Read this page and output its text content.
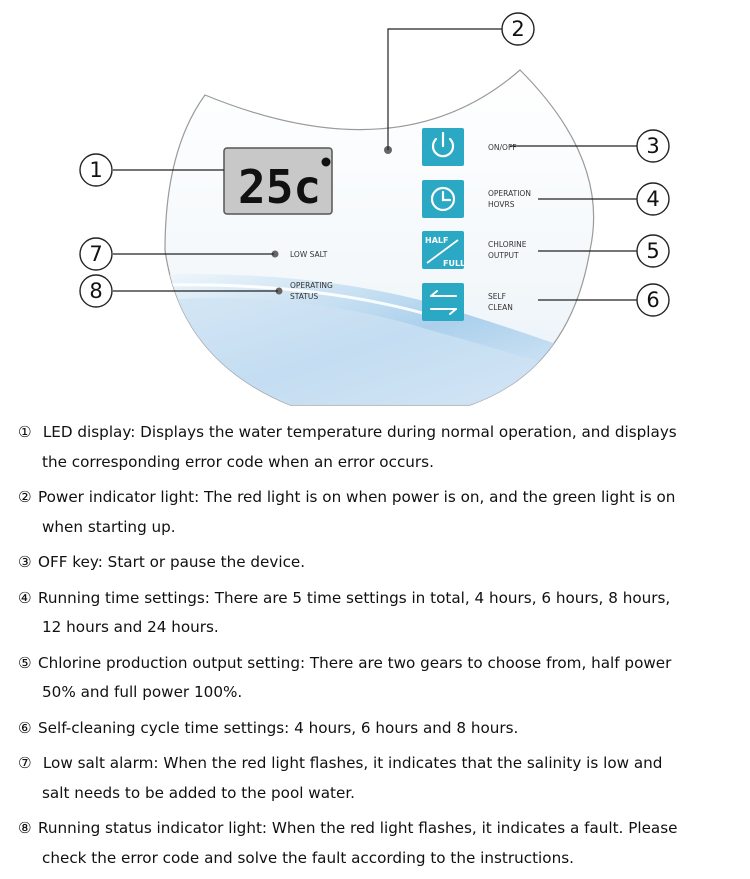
25c
HALF
FULL
ON/OFF
OPERATION
HOVRS
CHLORINE
OUTPUT
SELF
CLEAN
LOW SALT
OPERATING
STATUS
1
2
3
4
5
6
7
8
① LED display: Displays the water temperature during normal operation, and displays
the corresponding error code when an error occurs.
② Power indicator light: The red light is on when power is on, and the green light is on
when starting up.
③ OFF key: Start or pause the device.
④ Running time settings: There are 5 time settings in total, 4 hours, 6 hours, 8 hours,
12 hours and 24 hours.
⑤ Chlorine production output setting: There are two gears to choose from, half power
50% and full power 100%.
⑥ Self-cleaning cycle time settings: 4 hours, 6 hours and 8 hours.
⑦ Low salt alarm: When the red light flashes, it indicates that the salinity is low and
salt needs to be added to the pool water.
⑧ Running status indicator light: When the red light flashes, it indicates a fault. Please
check the error code and solve the fault according to the instructions.
